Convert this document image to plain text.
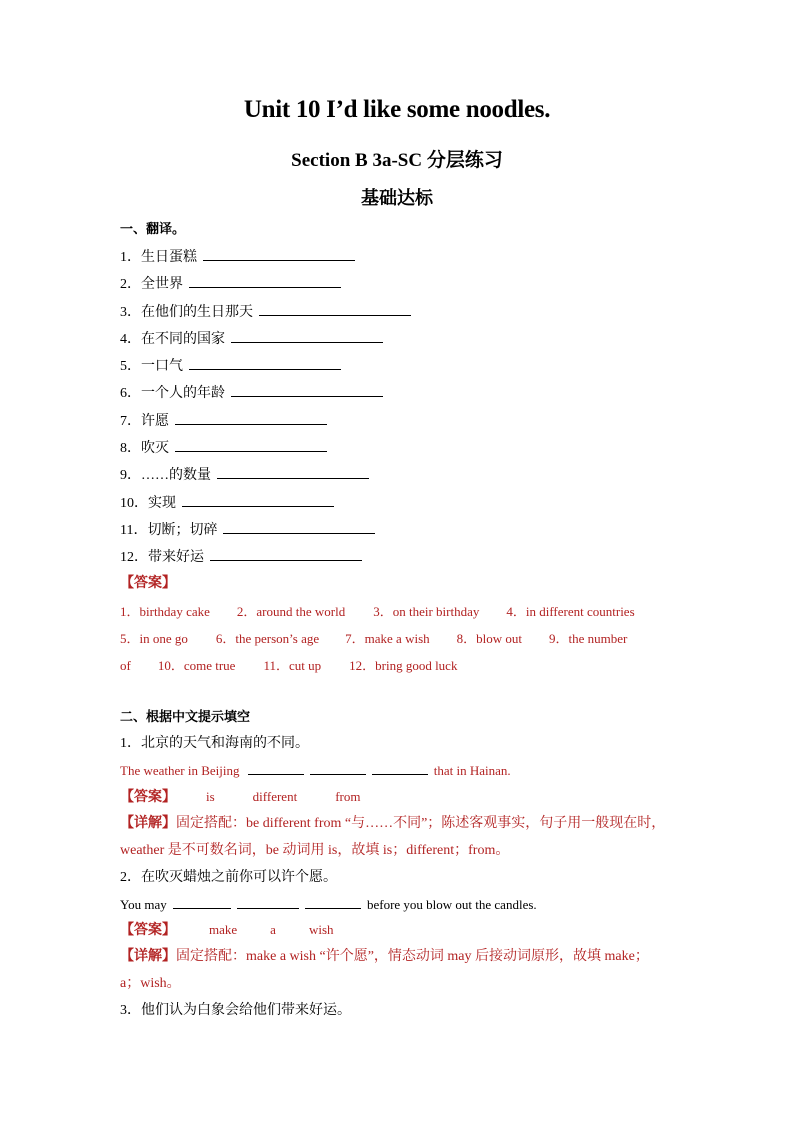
Unit 10 I’d like some noodles.
Section B 3a-SC 分层练习
基础达标
一、翻译。
1．生日蛋糕
2．全世界
3．在他们的生日那天
4．在不同的国家
5．一口气
6．一个人的年龄
7．许愿
8．吹灭
9．……的数量
10．实现
11．切断；切碎
12．带来好运
【答案】
1．birthday cake 2．around the world 3．on their birthday 4．in different countries
5．in one go 6．the person’s age 7．make a wish 8．blow out 9．the number
of 10．come true 11．cut up 12．bring good luck
二、根据中文提示填空
1．北京的天气和海南的不同。
The weather in Beijing	that in Hainan.
【答案】 is	different	from
【详解】固定搭配：be different from “与……不同”；陈述客观事实，句子用一般现在时，
weather 是不可数名词，be 动词用 is，故填 is；different；from。
2．在吹灭蜡烛之前你可以许个愿。
You may	before you blow out the candles.
【答案】	make	a	wish
【详解】固定搭配：make a wish “许个愿”，情态动词 may 后接动词原形，故填 make；
a；wish。
3．他们认为白象会给他们带来好运。
